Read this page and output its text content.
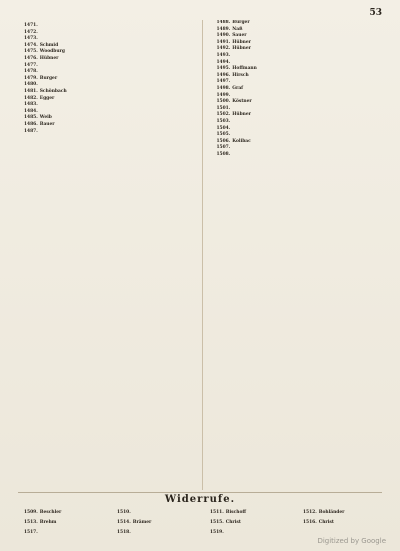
53
1471.
1472.
1473.
1474. Schmid
1475. Woodburg
1476. Hübner
1477.
1478.
1479. Burger
1480.
1481. Schönbach
1482. Egger
1483.
1484.
1485. Weib
1486. Bauer
1487.
1488. Bürger
1489. Naß
1490. Sauer
1491. Hübner
1492. Hübner
1493.
1494.
1495. Hoffmann
1496. Hirsch
1497.
1498. Graf
1499.
1500. Köstner
1501.
1502. Hübner
1503.
1504.
1505.
1506. Kolibac
1507.
1508.
Widerrufe.
1509. Beschler	1510.	1511. Bischoff	1512. Bohländer
1513. Brehm	1514. Brämer	1515. Christ	1516. Christ
1517.	1518.	1519.
Digitized by Google
